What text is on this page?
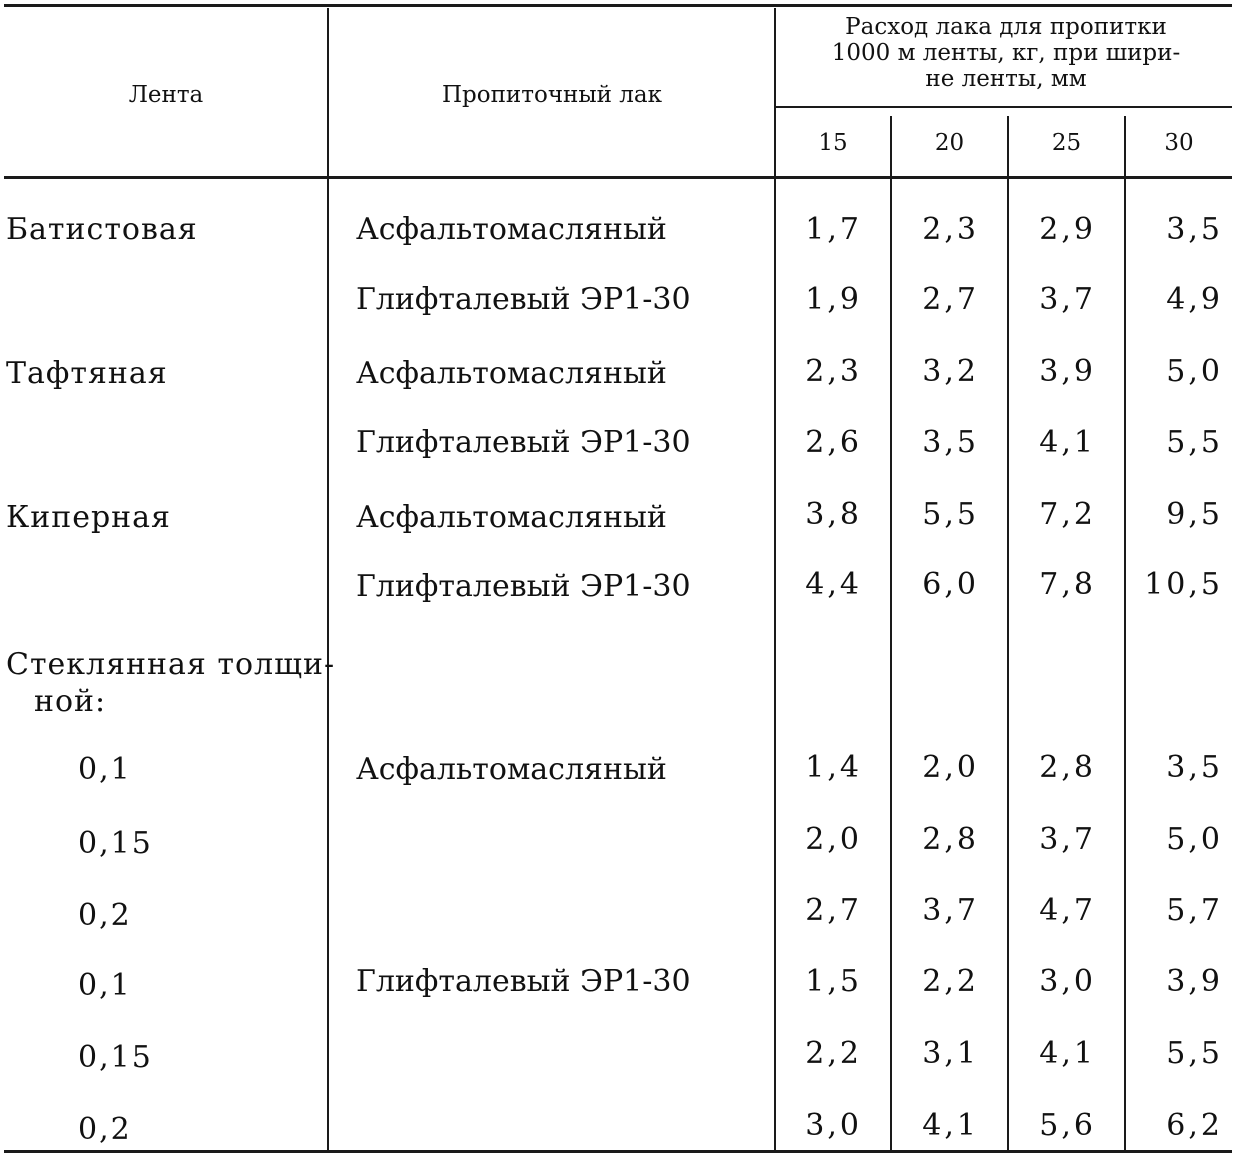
Лента	Пропиточный лак
Расход лака для пропитки
1000 м ленты, кг, при шири-
не ленты, мм
15	20	25	30
Батистовая	Асфальтомасляный	1,7 2,3 2,9 3,5
Глифталевый ЭР1-30	1,9 2,7 3,7 4,9
Тафтяная	Асфальтомасляный	2,3 3,2 3,9 5,0
Глифталевый ЭР1-30	2,6 3,5 4,1 5,5
Киперная	Асфальтомасляный	3,8 5,5 7,2 9,5
Глифталевый ЭР1-30	4,4 6,0 7,8 10,5
Стеклянная толщи-
ной:
0,1	Асфальтомасляный	1,4 2,0 2,8 3,5
0,15	2,0 2,8 3,7 5,0
0,2	2,7 3,7 4,7 5,7
0,1	Глифталевый ЭР1-30	1,5 2,2 3,0 3,9
0,15	2,2 3,1 4,1 5,5
0,2	3,0 4,1 5,6 6,2
